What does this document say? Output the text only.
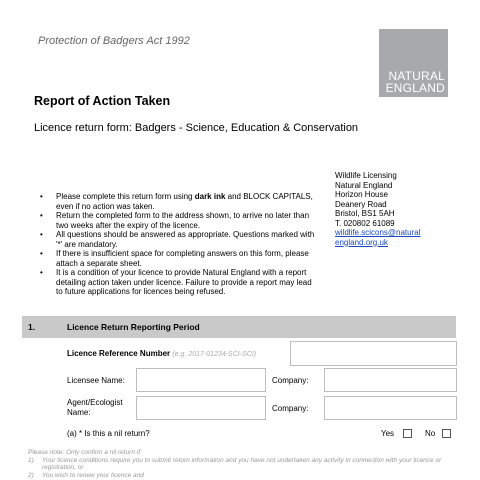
Protection of Badgers Act 1992
NATURAL
ENGLAND
Report of Action Taken
Licence return form: Badgers - Science, Education & Conservation
Wildlife Licensing
Natural England
Horizon House
Deanery Road
Bristol, BS1 5AH
T. 020802 61089
wildlife.scicons@natural england.org.uk
• Please complete this return form using dark ink and BLOCK CAPITALS, even if no action was taken.
• Return the completed form to the address shown, to arrive no later than two weeks after the expiry of the licence.
• All questions should be answered as appropriate. Questions marked with '*' are mandatory.
• If there is insufficient space for completing answers on this form, please attach a separate sheet.
• It is a condition of your licence to provide Natural England with a report detailing action taken under licence. Failure to provide a report may lead to future applications for licences being refused.
1.	Licence Return Reporting Period
Licence Reference Number (e.g. 2017-01234-SCI-SCI)
Licensee Name:	Company:
Agent/Ecologist
Name:	Company:
(a) * Is this a nil return?	Yes	No
Please note: Only confirm a nil return if:
1) Your licence conditions require you to submit return information and you have not undertaken any activity in connection with your licence or registration, or
2) You wish to renew your licence and
